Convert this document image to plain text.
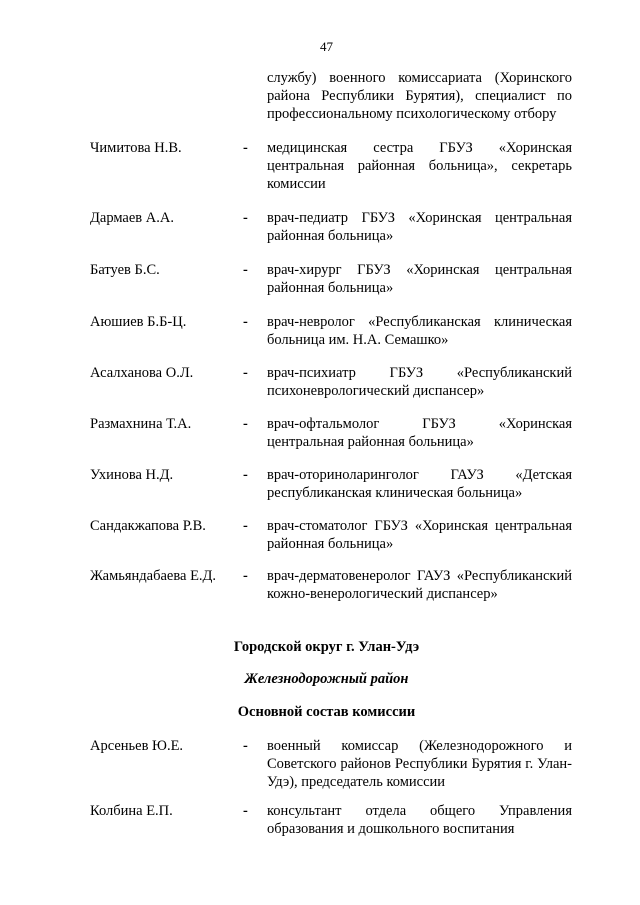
47
службу) военного комиссариата (Хоринского района Республики Бурятия), специалист по профессиональному психологическому отбору
Чимитова Н.В.	- медицинская сестра ГБУЗ «Хоринская центральная районная больница», секретарь комиссии
Дармаев А.А.	- врач-педиатр ГБУЗ «Хоринская центральная районная больница»
Батуев Б.С.	- врач-хирург ГБУЗ «Хоринская центральная районная больница»
Аюшиев Б.Б-Ц.	- врач-невролог «Республиканская клиническая больница им. Н.А. Семашко»
Асалханова О.Л.	- врач-психиатр ГБУЗ «Республиканский психоневрологический диспансер»
Размахнина Т.А.	- врач-офтальмолог ГБУЗ «Хоринская центральная районная больница»
Ухинова Н.Д.	- врач-оториноларинголог ГАУЗ «Детская республиканская клиническая больница»
Сандакжапова Р.В.	- врач-стоматолог ГБУЗ «Хоринская центральная районная больница»
Жамьяндабаева Е.Д. - врач-дерматовенеролог ГАУЗ «Республиканский кожно-венерологический диспансер»
Городской округ г. Улан-Удэ
Железнодорожный район
Основной состав комиссии
Арсеньев Ю.Е.	- военный комиссар (Железнодорожного и Советского районов Республики Бурятия г. Улан-Удэ), председатель комиссии
Колбина Е.П.	- консультант отдела общего Управления образования и дошкольного воспитания
